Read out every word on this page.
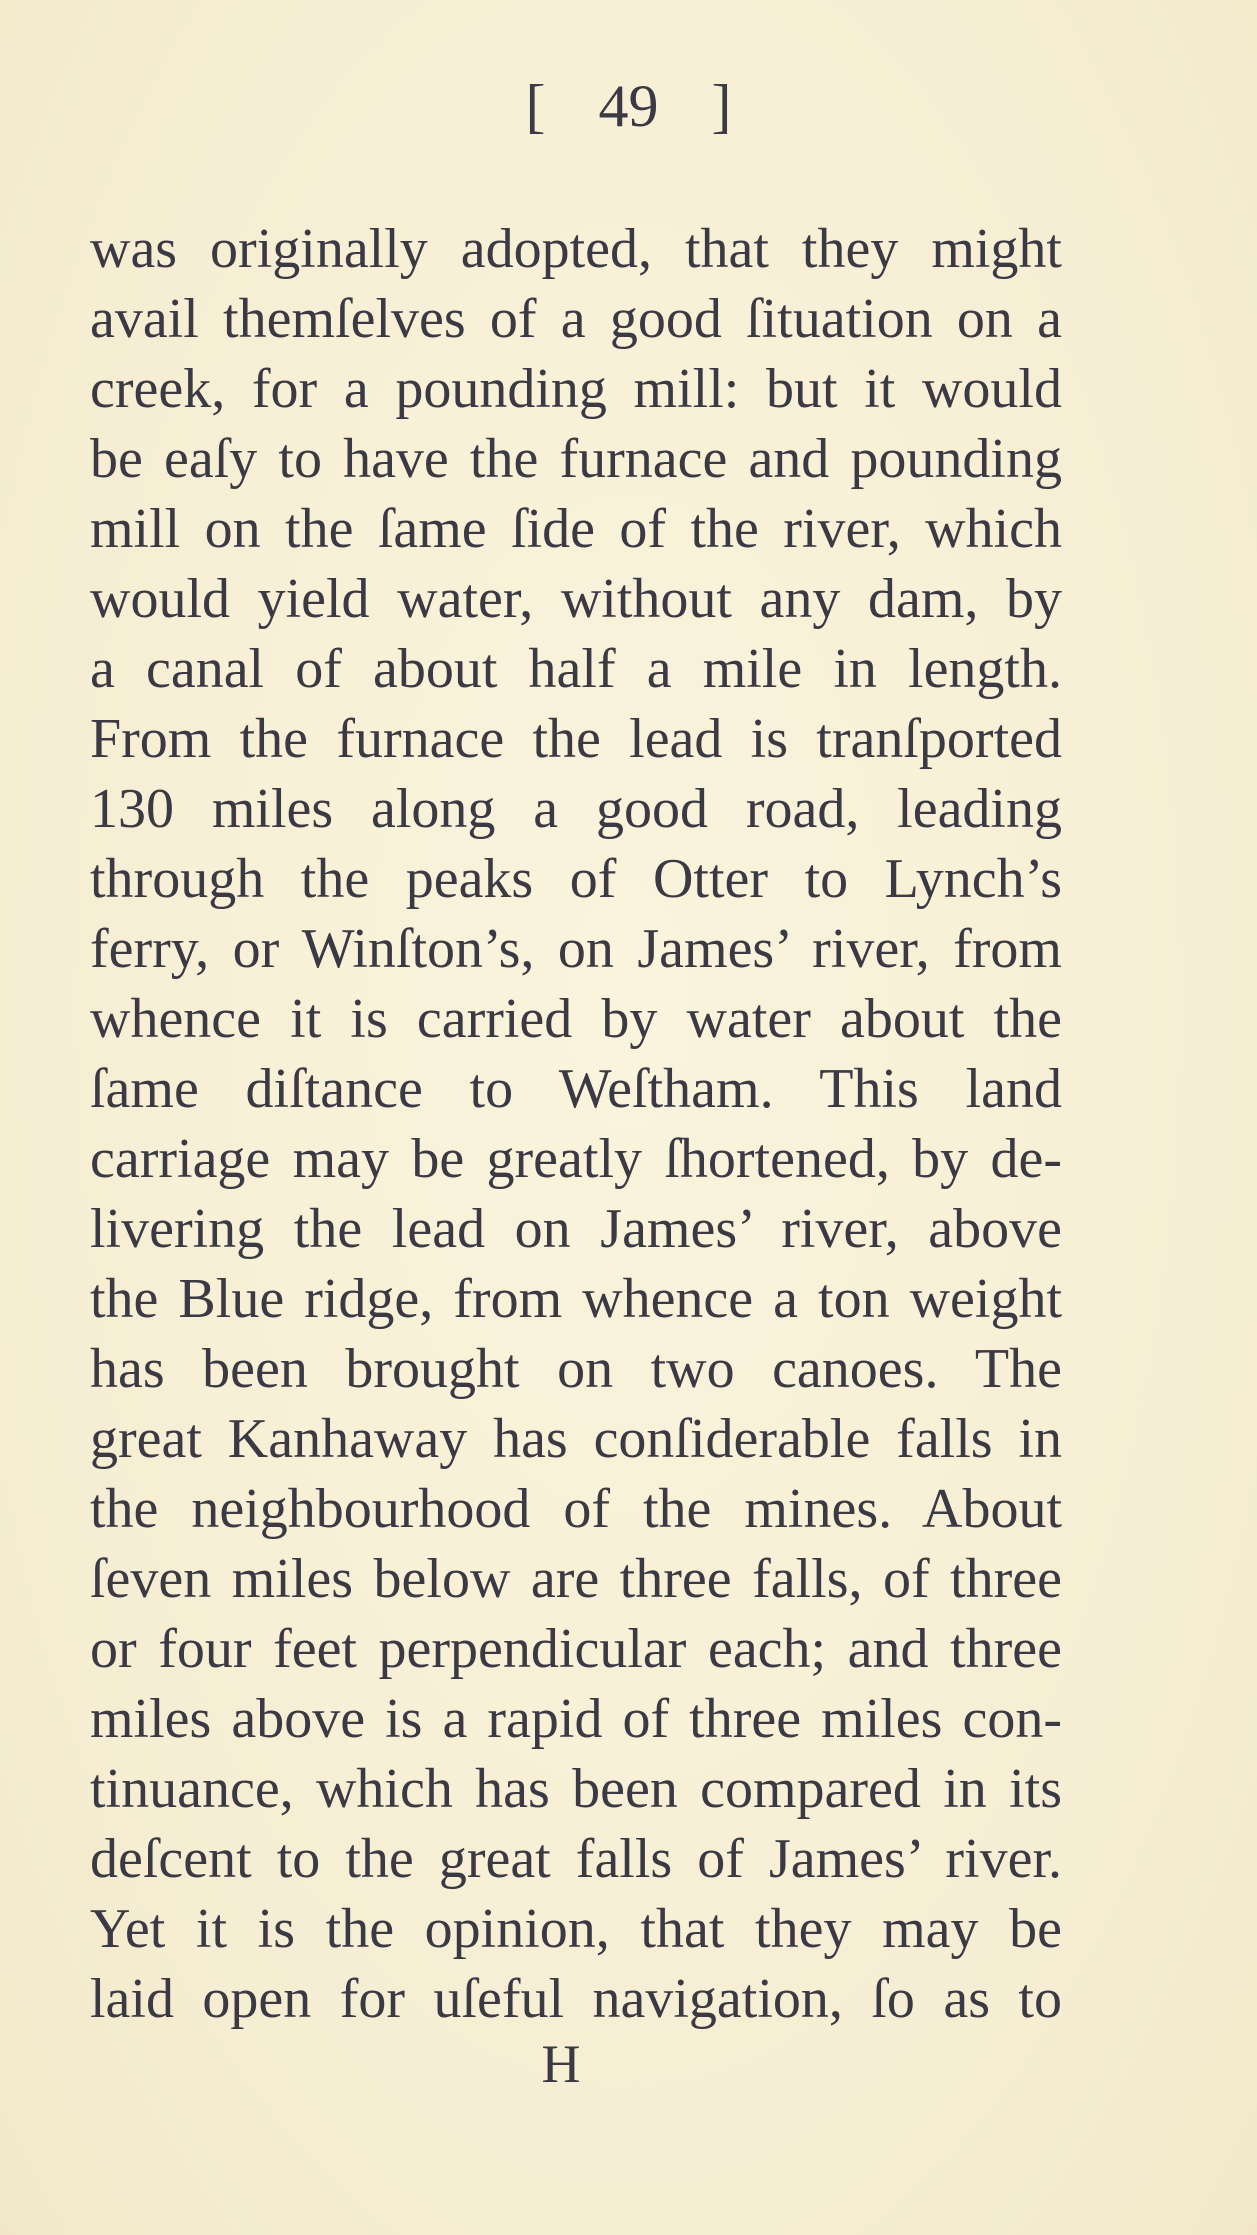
[ 49 ]
was originally adopted, that they might
avail themſelves of a good ſituation on a
creek, for a pounding mill: but it would
be eaſy to have the furnace and pounding
mill on the ſame ſide of the river, which
would yield water, without any dam, by
a canal of about half a mile in length.
From the furnace the lead is tranſported
130 miles along a good road, leading
through the peaks of Otter to Lynch’s
ferry, or Winſton’s, on James’ river, from
whence it is carried by water about the
ſame diſtance to Weſtham. This land
carriage may be greatly ſhortened, by de-
livering the lead on James’ river, above
the Blue ridge, from whence a ton weight
has been brought on two canoes. The
great Kanhaway has conſiderable falls in
the neighbourhood of the mines. About
ſeven miles below are three falls, of three
or four feet perpendicular each; and three
miles above is a rapid of three miles con-
tinuance, which has been compared in its
deſcent to the great falls of James’ river.
Yet it is the opinion, that they may be
laid open for uſeful navigation, ſo as to
H
